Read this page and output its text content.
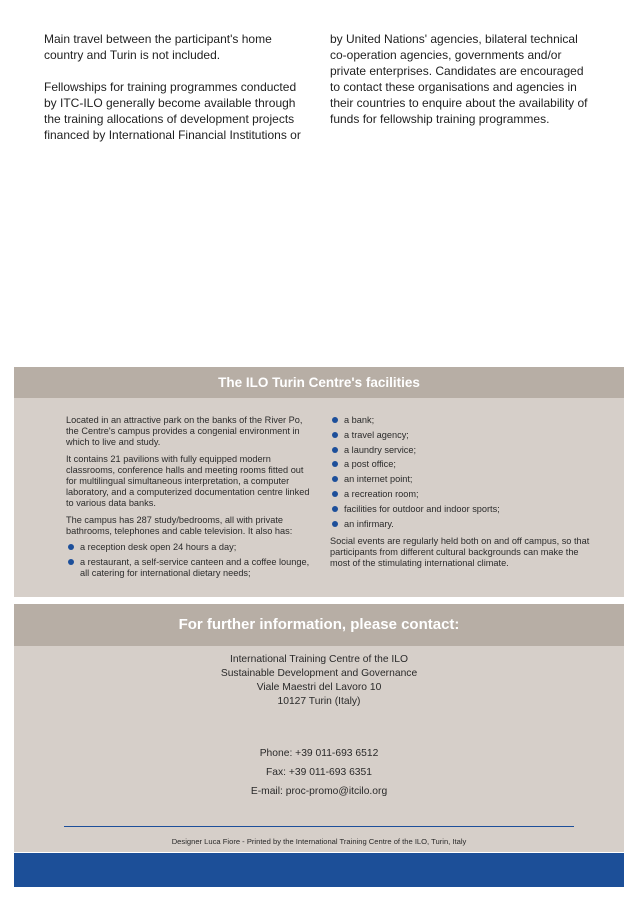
Main travel between the participant's home country and Turin is not included.

Fellowships for training programmes conducted by ITC-ILO generally become available through the training allocations of development projects financed by International Financial Institutions or

by United Nations' agencies, bilateral technical co-operation agencies, governments and/or private enterprises. Candidates are encouraged to contact these organisations and agencies in their countries to enquire about the availability of funds for fellowship training programmes.

The ILO Turin Centre's facilities

Located in an attractive park on the banks of the River Po, the Centre's campus provides a congenial environment in which to live and study.

It contains 21 pavilions with fully equipped modern classrooms, conference halls and meeting rooms fitted out for multilingual simultaneous interpretation, a computer laboratory, and a computerized documentation centre linked to various data banks.

The campus has 287 study/bedrooms, all with private bathrooms, telephones and cable television. It also has:

a reception desk open 24 hours a day;
a restaurant, a self-service canteen and a coffee lounge, all catering for international dietary needs;
a bank;
a travel agency;
a laundry service;
a post office;
an internet point;
a recreation room;
facilities for outdoor and indoor sports;
an infirmary.

Social events are regularly held both on and off campus, so that participants from different cultural backgrounds can make the most of the stimulating international climate.

For further information, please contact:
International Training Centre of the ILO
Sustainable Development and Governance
Viale Maestri del Lavoro 10
10127 Turin (Italy)
Phone: +39 011-693 6512
Fax: +39 011-693 6351
E-mail: proc-promo@itcilo.org
Designer Luca Fiore - Printed by the International Training Centre of the ILO, Turin, Italy
